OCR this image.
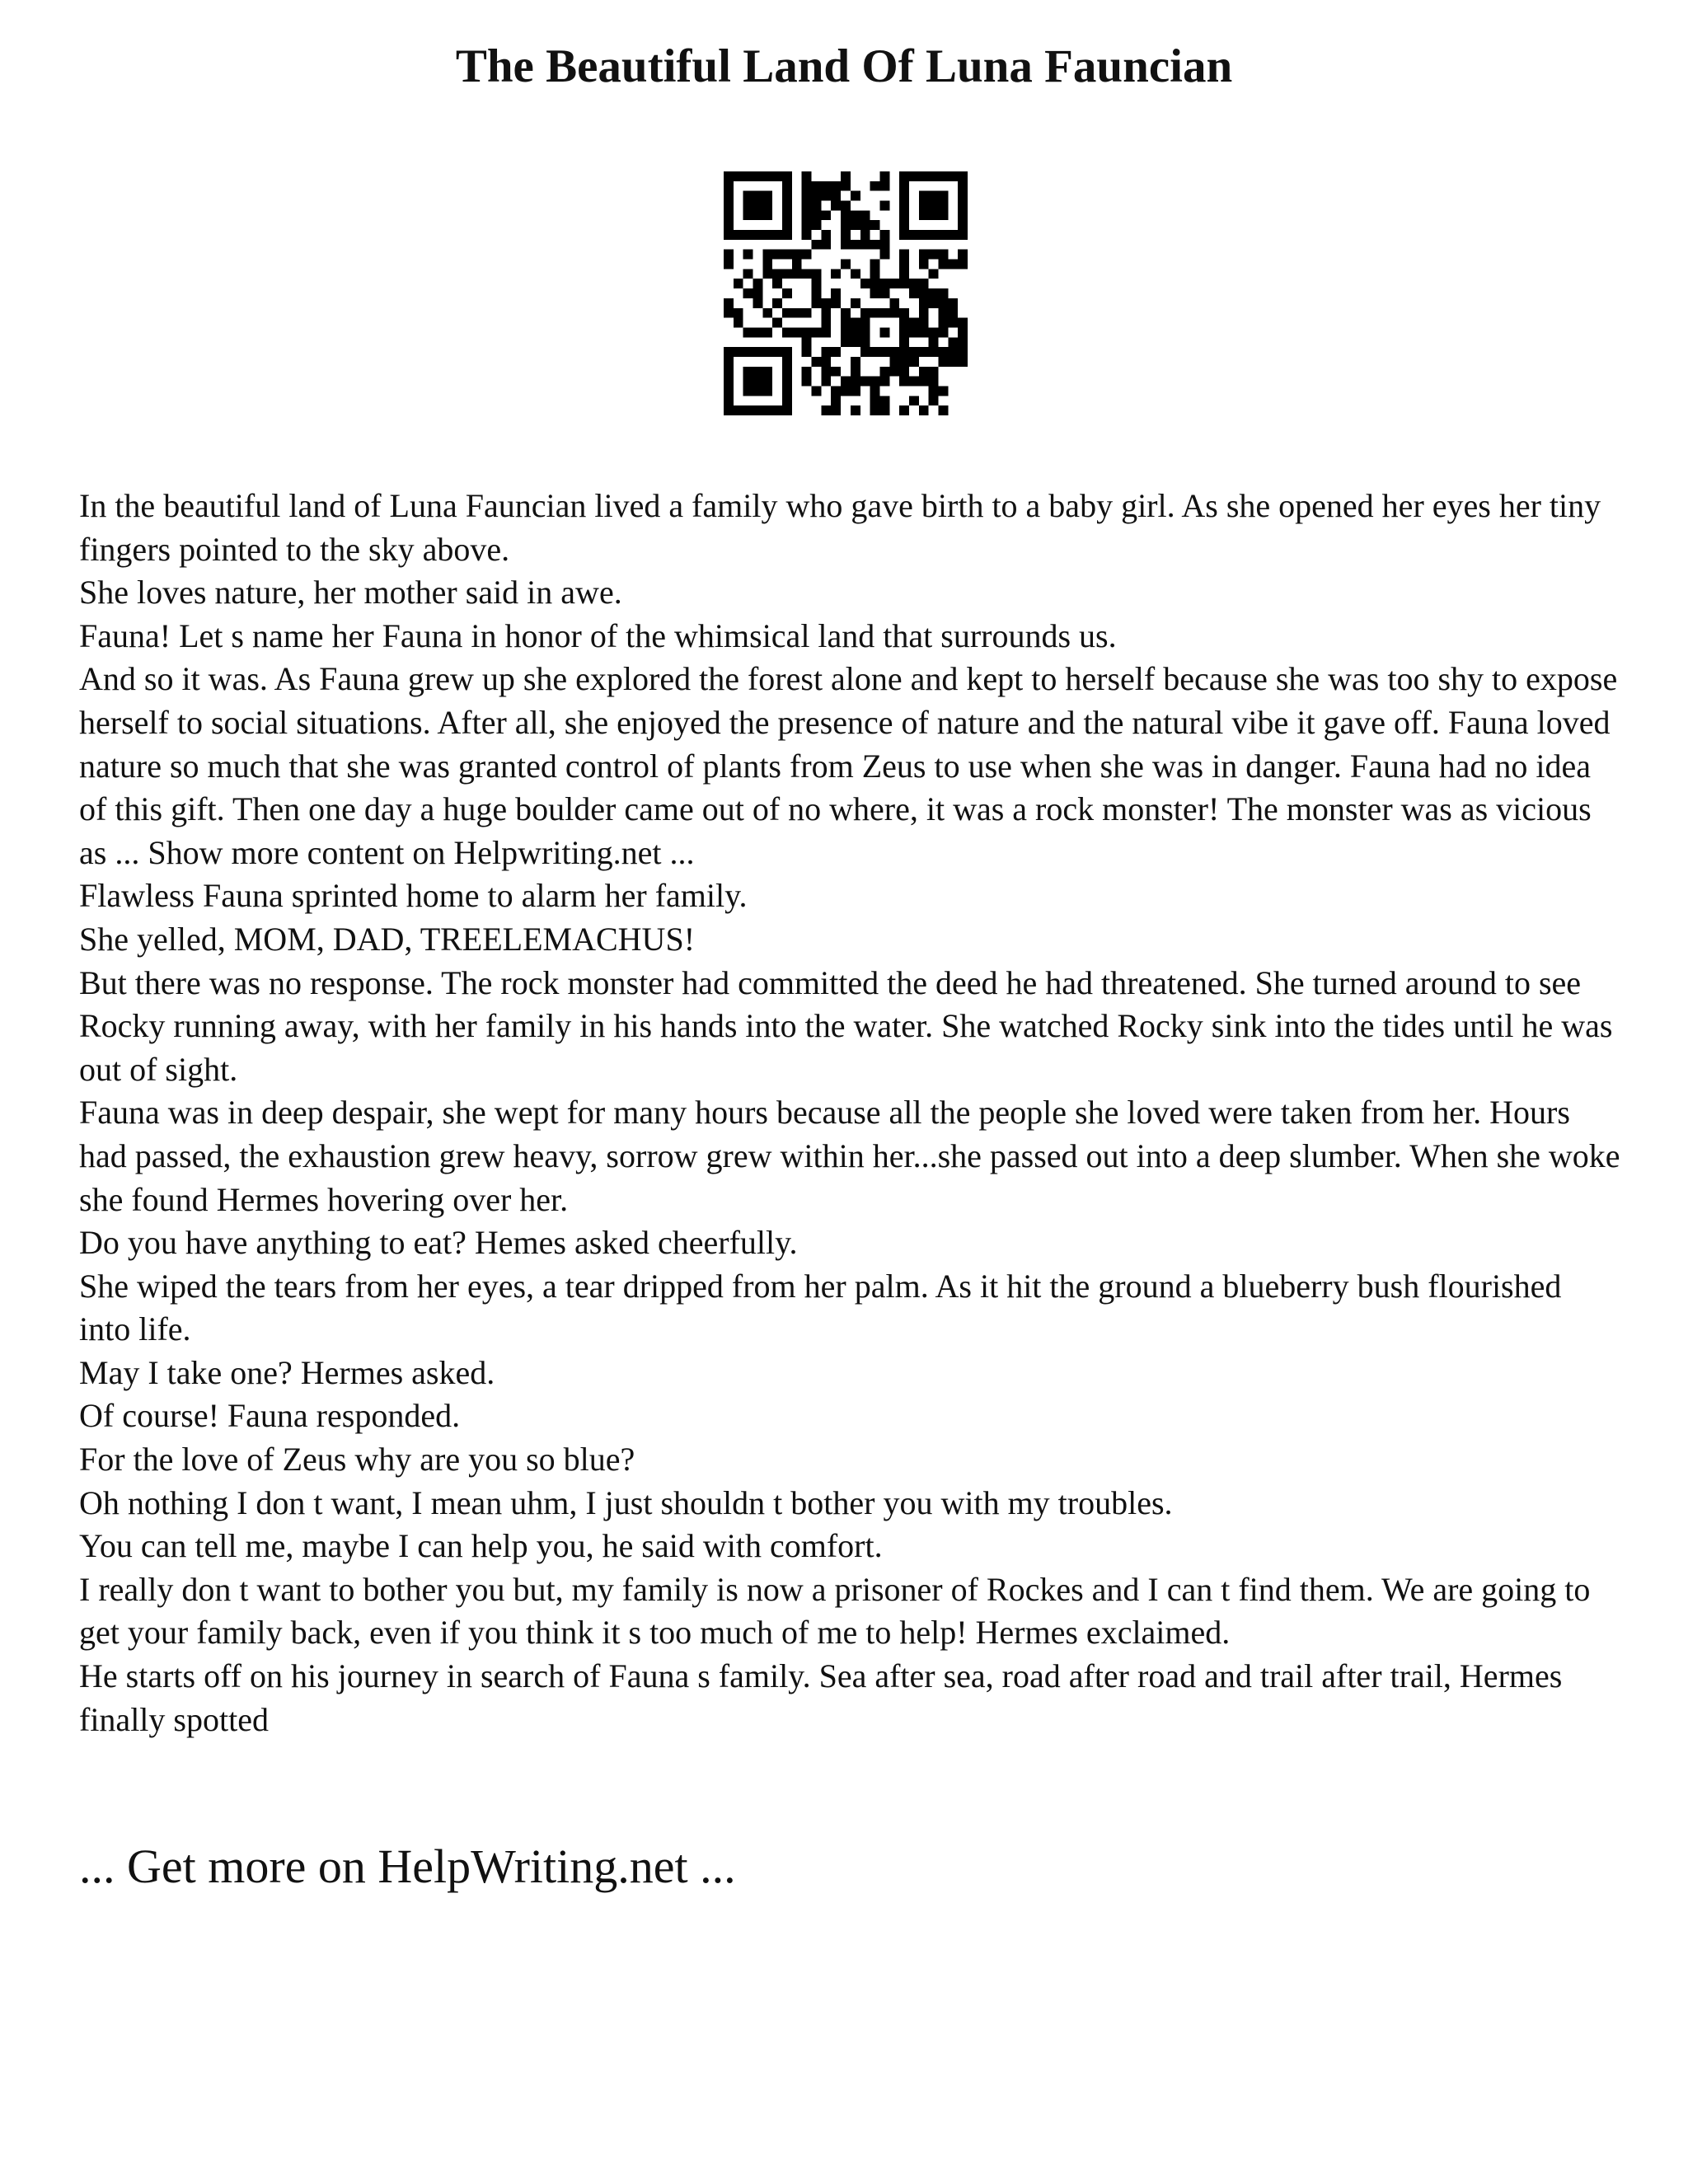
The Beautiful Land Of Luna Fauncian

In the beautiful land of Luna Fauncian lived a family who gave birth to a baby girl. As she opened her eyes her tiny fingers pointed to the sky above.

She loves nature, her mother said in awe.

Fauna! Let s name her Fauna in honor of the whimsical land that surrounds us.

And so it was. As Fauna grew up she explored the forest alone and kept to herself because she was too shy to expose herself to social situations. After all, she enjoyed the presence of nature and the natural vibe it gave off. Fauna loved nature so much that she was granted control of plants from Zeus to use when she was in danger. Fauna had no idea of this gift. Then one day a huge boulder came out of no where, it was a rock monster! The monster was as vicious as ... Show more content on Helpwriting.net ...

Flawless Fauna sprinted home to alarm her family.

She yelled, MOM, DAD, TREELEMACHUS!

But there was no response. The rock monster had committed the deed he had threatened. She turned around to see Rocky running away, with her family in his hands into the water. She watched Rocky sink into the tides until he was out of sight.

Fauna was in deep despair, she wept for many hours because all the people she loved were taken from her. Hours had passed, the exhaustion grew heavy, sorrow grew within her...she passed out into a deep slumber. When she woke she found Hermes hovering over her.

Do you have anything to eat? Hemes asked cheerfully.

She wiped the tears from her eyes, a tear dripped from her palm. As it hit the ground a blueberry bush flourished into life.

May I take one? Hermes asked.

Of course! Fauna responded.

For the love of Zeus why are you so blue?

Oh nothing I don t want, I mean uhm, I just shouldn t bother you with my troubles.

You can tell me, maybe I can help you, he said with comfort.

I really don t want to bother you but, my family is now a prisoner of Rockes and I can t find them. We are going to get your family back, even if you think it s too much of me to help! Hermes exclaimed.

He starts off on his journey in search of Fauna s family. Sea after sea, road after road and trail after trail, Hermes finally spotted

... Get more on HelpWriting.net ...
